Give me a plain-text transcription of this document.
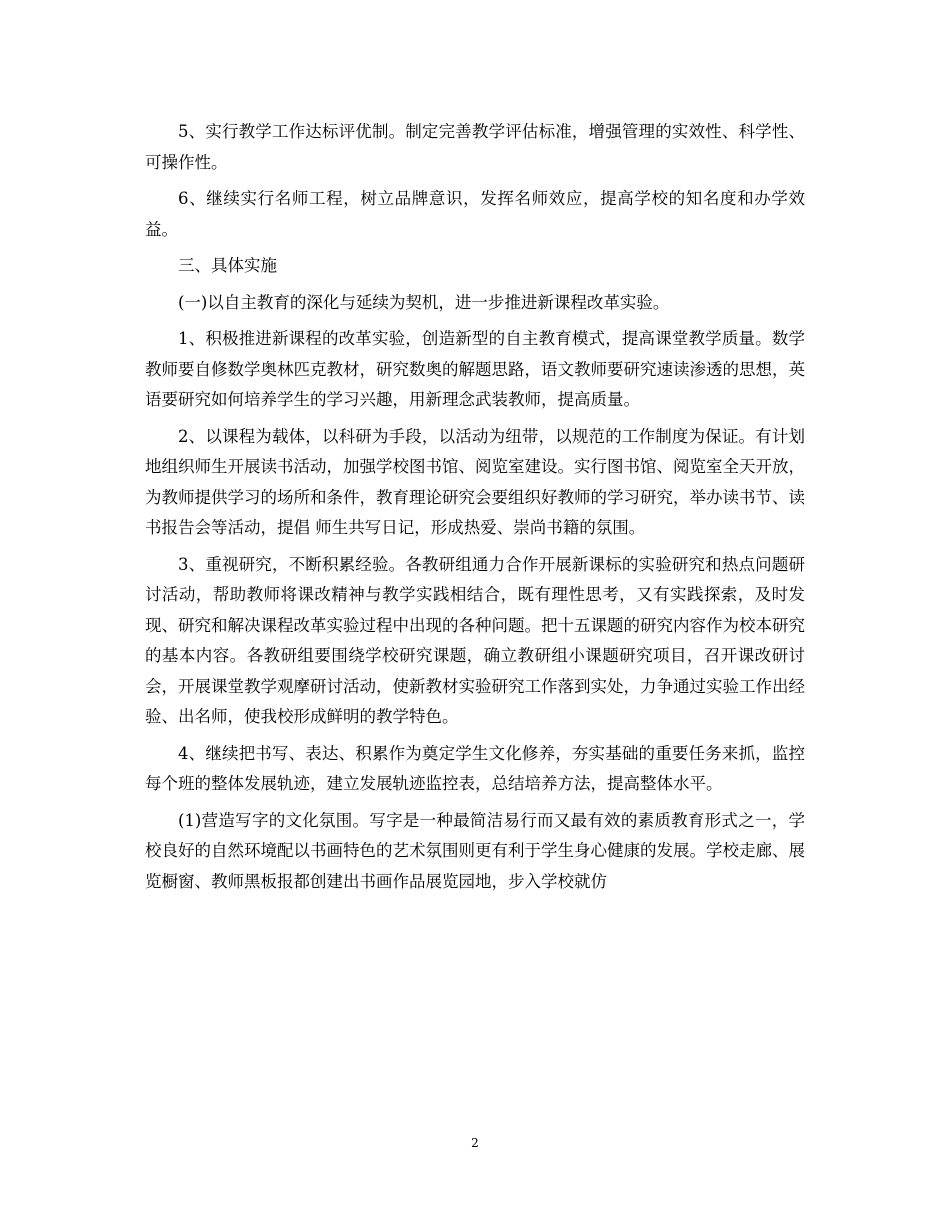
5、实行教学工作达标评优制。制定完善教学评估标准，增强管理的实效性、科学性、可操作性。

6、继续实行名师工程，树立品牌意识，发挥名师效应，提高学校的知名度和办学效益。

三、具体实施

(一)以自主教育的深化与延续为契机，进一步推进新课程改革实验。

1、积极推进新课程的改革实验，创造新型的自主教育模式，提高课堂教学质量。数学教师要自修数学奥林匹克教材，研究数奥的解题思路，语文教师要研究速读渗透的思想，英语要研究如何培养学生的学习兴趣，用新理念武装教师，提高质量。

2、以课程为载体，以科研为手段，以活动为纽带，以规范的工作制度为保证。有计划地组织师生开展读书活动，加强学校图书馆、阅览室建设。实行图书馆、阅览室全天开放，为教师提供学习的场所和条件，教育理论研究会要组织好教师的学习研究，举办读书节、读书报告会等活动，提倡 师生共写日记，形成热爱、崇尚书籍的氛围。

3、重视研究，不断积累经验。各教研组通力合作开展新课标的实验研究和热点问题研讨活动，帮助教师将课改精神与教学实践相结合，既有理性思考，又有实践探索，及时发现、研究和解决课程改革实验过程中出现的各种问题。把十五课题的研究内容作为校本研究的基本内容。各教研组要围绕学校研究课题，确立教研组小课题研究项目，召开课改研讨会，开展课堂教学观摩研讨活动，使新教材实验研究工作落到实处，力争通过实验工作出经验、出名师，使我校形成鲜明的教学特色。

4、继续把书写、表达、积累作为奠定学生文化修养，夯实基础的重要任务来抓，监控每个班的整体发展轨迹，建立发展轨迹监控表，总结培养方法，提高整体水平。

(1)营造写字的文化氛围。写字是一种最简洁易行而又最有效的素质教育形式之一，学校良好的自然环境配以书画特色的艺术氛围则更有利于学生身心健康的发展。学校走廊、展览橱窗、教师黑板报都创建出书画作品展览园地，步入学校就仿

2
